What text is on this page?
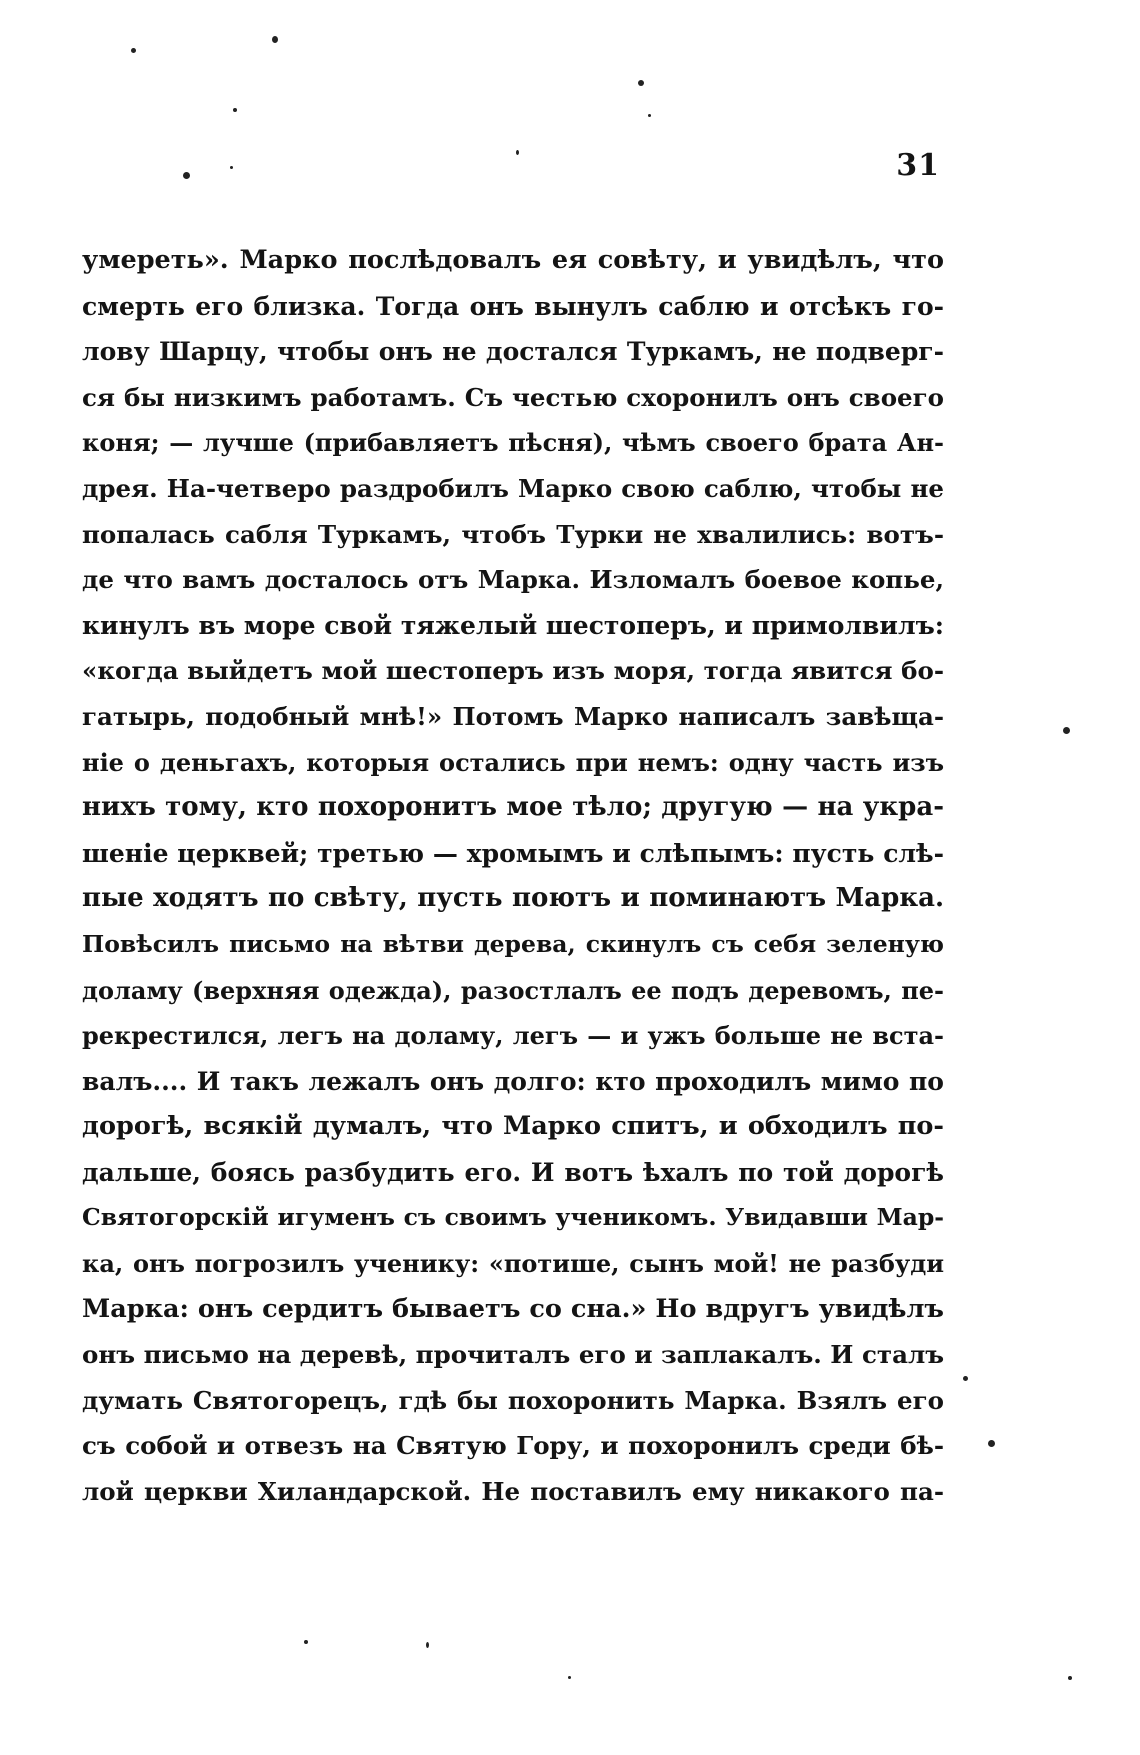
31
умереть». Марко послѣдовалъ ея совѣту, и увидѣлъ, что
смерть его близка. Тогда онъ вынулъ саблю и отсѣкъ го-
лову Шарцу, чтобы онъ не достался Туркамъ, не подверг-
ся бы низкимъ работамъ. Съ честью схоронилъ онъ своего
коня; — лучше (прибавляетъ пѣсня), чѣмъ своего брата Ан-
дрея. На-четверо раздробилъ Марко свою саблю, чтобы не
попалась сабля Туркамъ, чтобъ Турки не хвалились: вотъ-
де что вамъ досталось отъ Марка. Изломалъ боевое копье,
кинулъ въ море свой тяжелый шестоперъ, и примолвилъ:
«когда выйдетъ мой шестоперъ изъ моря, тогда явится бо-
гатырь, подобный мнѣ!» Потомъ Марко написалъ завѣща-
ніе о деньгахъ, которыя остались при немъ: одну часть изъ
нихъ тому, кто похоронитъ мое тѣло; другую — на укра-
шеніе церквей; третью — хромымъ и слѣпымъ: пусть слѣ-
пые ходятъ по свѣту, пусть поютъ и поминаютъ Марка.
Повѣсилъ письмо на вѣтви дерева, скинулъ съ себя зеленую
доламу (верхняя одежда), разостлалъ ее подъ деревомъ, пе-
рекрестился, легъ на доламу, легъ — и ужъ больше не вста-
валъ.... И такъ лежалъ онъ долго: кто проходилъ мимо по
дорогѣ, всякій думалъ, что Марко спитъ, и обходилъ по-
дальше, боясь разбудить его. И вотъ ѣхалъ по той дорогѣ
Святогорскій игуменъ съ своимъ ученикомъ. Увидавши Мар-
ка, онъ погрозилъ ученику: «потише, сынъ мой! не разбуди
Марка: онъ сердитъ бываетъ со сна.» Но вдругъ увидѣлъ
онъ письмо на деревѣ, прочиталъ его и заплакалъ. И сталъ
думать Святогорецъ, гдѣ бы похоронить Марка. Взялъ его
съ собой и отвезъ на Святую Гору, и похоронилъ среди бѣ-
лой церкви Хиландарской. Не поставилъ ему никакого па-
